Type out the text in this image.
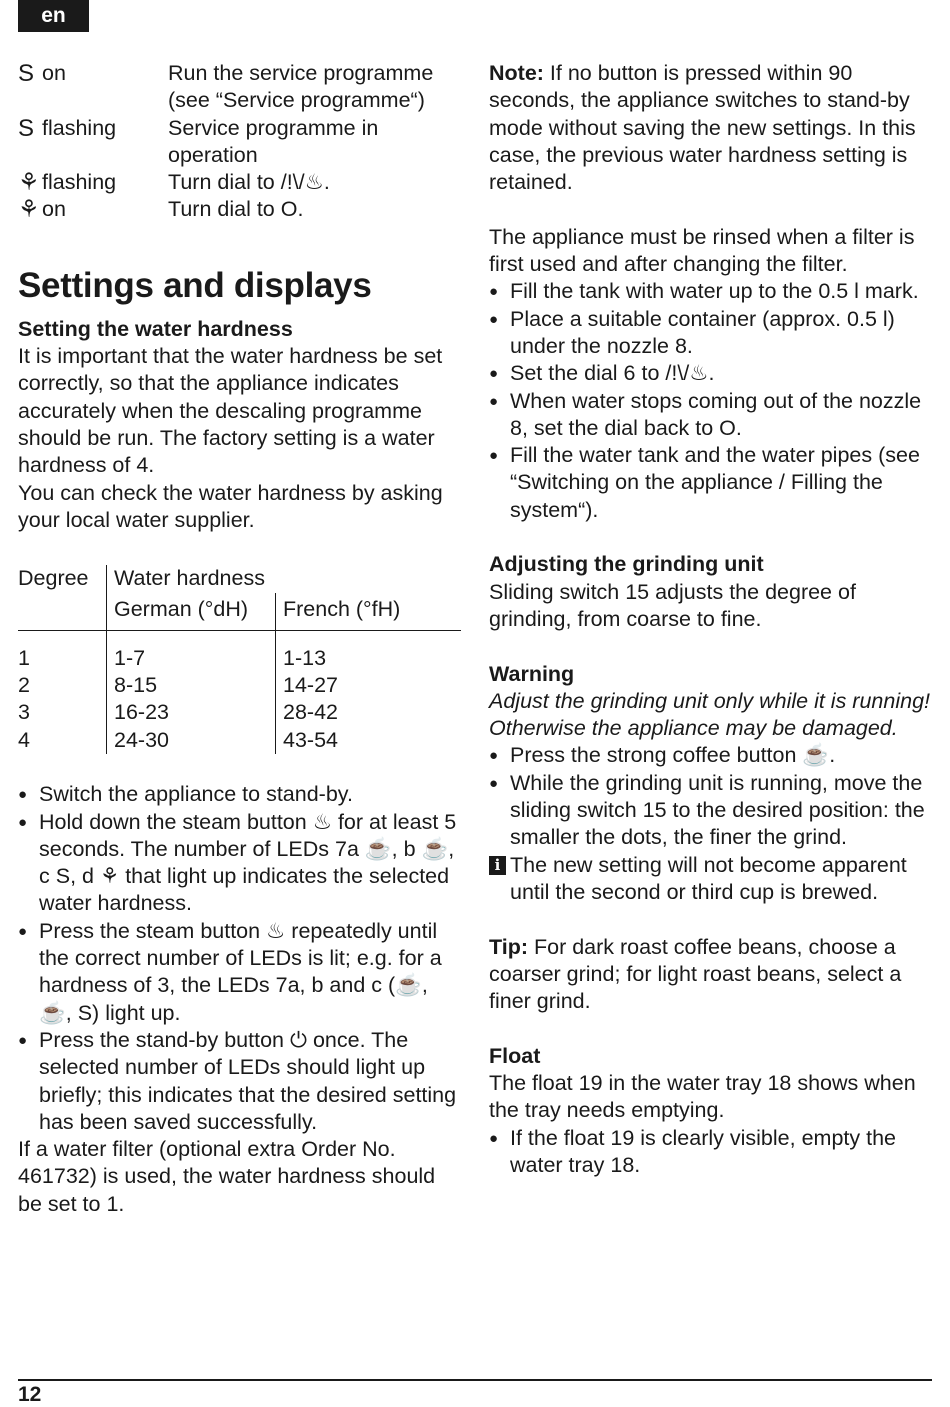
en
S on	Run the service programme (see “Service programme“)
S flashing	Service programme in operation
⚘ flashing	Turn dial to /!\/♨.
⚘ on	Turn dial to O.
Settings and displays
Setting the water hardness

It is important that the water hardness be set correctly, so that the appliance indicates accurately when the descaling programme should be run. The factory setting is a water hardness of 4.

You can check the water hardness by asking your local water supplier.

Degree	Water hardness	
	German (°dH)	French (°fH)

1	1-7	1-13
2	8-15	14-27
3	16-23	28-42
4	24-30	43-54
● Switch the appliance to stand-by.
● Hold down the steam button ♨ for at least 5 seconds. The number of LEDs 7a ☕, b ☕, c S, d ⚘ that light up indicates the selected water hardness.
● Press the steam button ♨ repeatedly until the correct number of LEDs is lit; e.g. for a hardness of 3, the LEDs 7a, b and c (☕, ☕, S) light up.
● Press the stand-by button ⏻ once. The selected number of LEDs should light up briefly; this indicates that the desired setting has been saved successfully.

If a water filter (optional extra Order No. 461732) is used, the water hardness should be set to 1.

Note: If no button is pressed within 90 seconds, the appliance switches to stand-by mode without saving the new settings. In this case, the previous water hardness setting is retained.

The appliance must be rinsed when a filter is first used and after changing the filter.

● Fill the tank with water up to the 0.5 l mark.
● Place a suitable container (approx. 0.5 l) under the nozzle 8.
● Set the dial 6 to /!\/♨.
● When water stops coming out of the nozzle 8, set the dial back to O.
● Fill the water tank and the water pipes (see “Switching on the appliance / Filling the system“).
Adjusting the grinding unit

Sliding switch 15 adjusts the degree of grinding, from coarse to fine.

Warning

Adjust the grinding unit only while it is running! Otherwise the appliance may be damaged.

● Press the strong coffee button ☕.
● While the grinding unit is running, move the sliding switch 15 to the desired position: the smaller the dots, the finer the grind.
i The new setting will not become apparent until the second or third cup is brewed.

Tip: For dark roast coffee beans, choose a coarser grind; for light roast beans, select a finer grind.

Float

The float 19 in the water tray 18 shows when the tray needs emptying.

● If the float 19 is clearly visible, empty the water tray 18.
12
